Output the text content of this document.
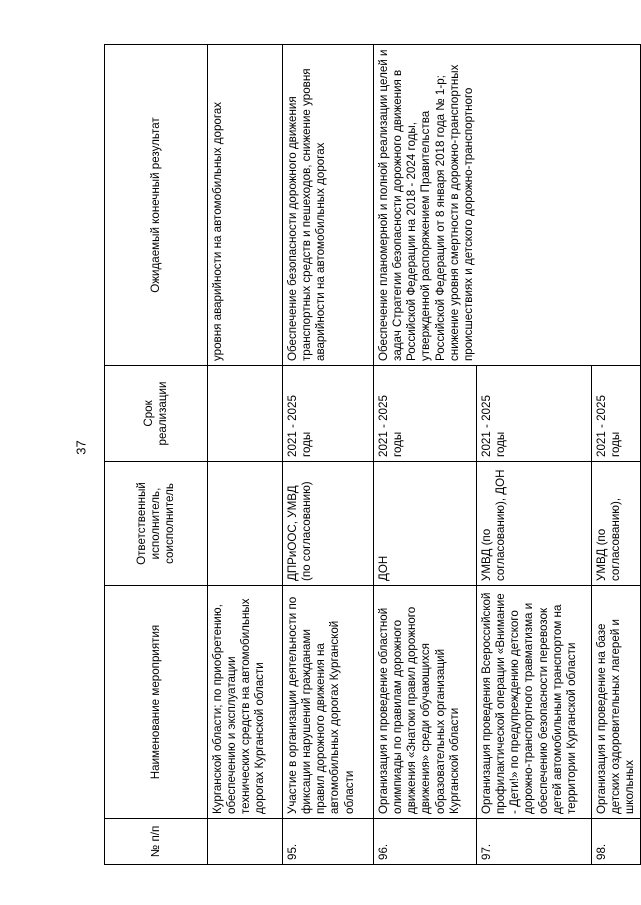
37
№ п/п	Наименование мероприятия	Ответственный исполнитель, соисполнитель	Срок реализации	Ожидаемый конечный результат
	Курганской области; по приобретению, обеспечению и эксплуатации технических средств на автомобильных дорогах Курганской области			уровня аварийности на автомобильных дорогах
95.	Участие в организации деятельности по фиксации нарушений гражданами правил дорожного движения на автомобильных дорогах Курганской области	ДПРиООС, УМВД (по согласованию)	2021 - 2025 годы	Обеспечение безопасности дорожного движения транспортных средств и пешеходов, снижение уровня аварийности на автомобильных дорогах
96.	Организация и проведение областной олимпиады по правилам дорожного движения «Знатоки правил дорожного движения» среди обучающихся образовательных организаций Курганской области	ДОН	2021 - 2025 годы	Обеспечение планомерной и полной реализации целей и задач Стратегии безопасности дорожного движения в Российской Федерации на 2018 - 2024 годы, утвержденной распоряжением Правительства Российской Федерации от 8 января 2018 года № 1-р; снижение уровня смертности в дорожно-транспортных происшествиях и детского дорожно-транспортного
97.	Организация проведения Всероссийской профилактической операции «Внимание - Дети!» по предупреждению детского дорожно-транспортного травматизма и обеспечению безопасности перевозок детей автомобильным транспортом на территории Курганской области	УМВД (по согласованию), ДОН	2021 - 2025 годы	
98.	Организация и проведение на базе детских оздоровительных лагерей и школьных	УМВД (по согласованию),	2021 - 2025 годы	
